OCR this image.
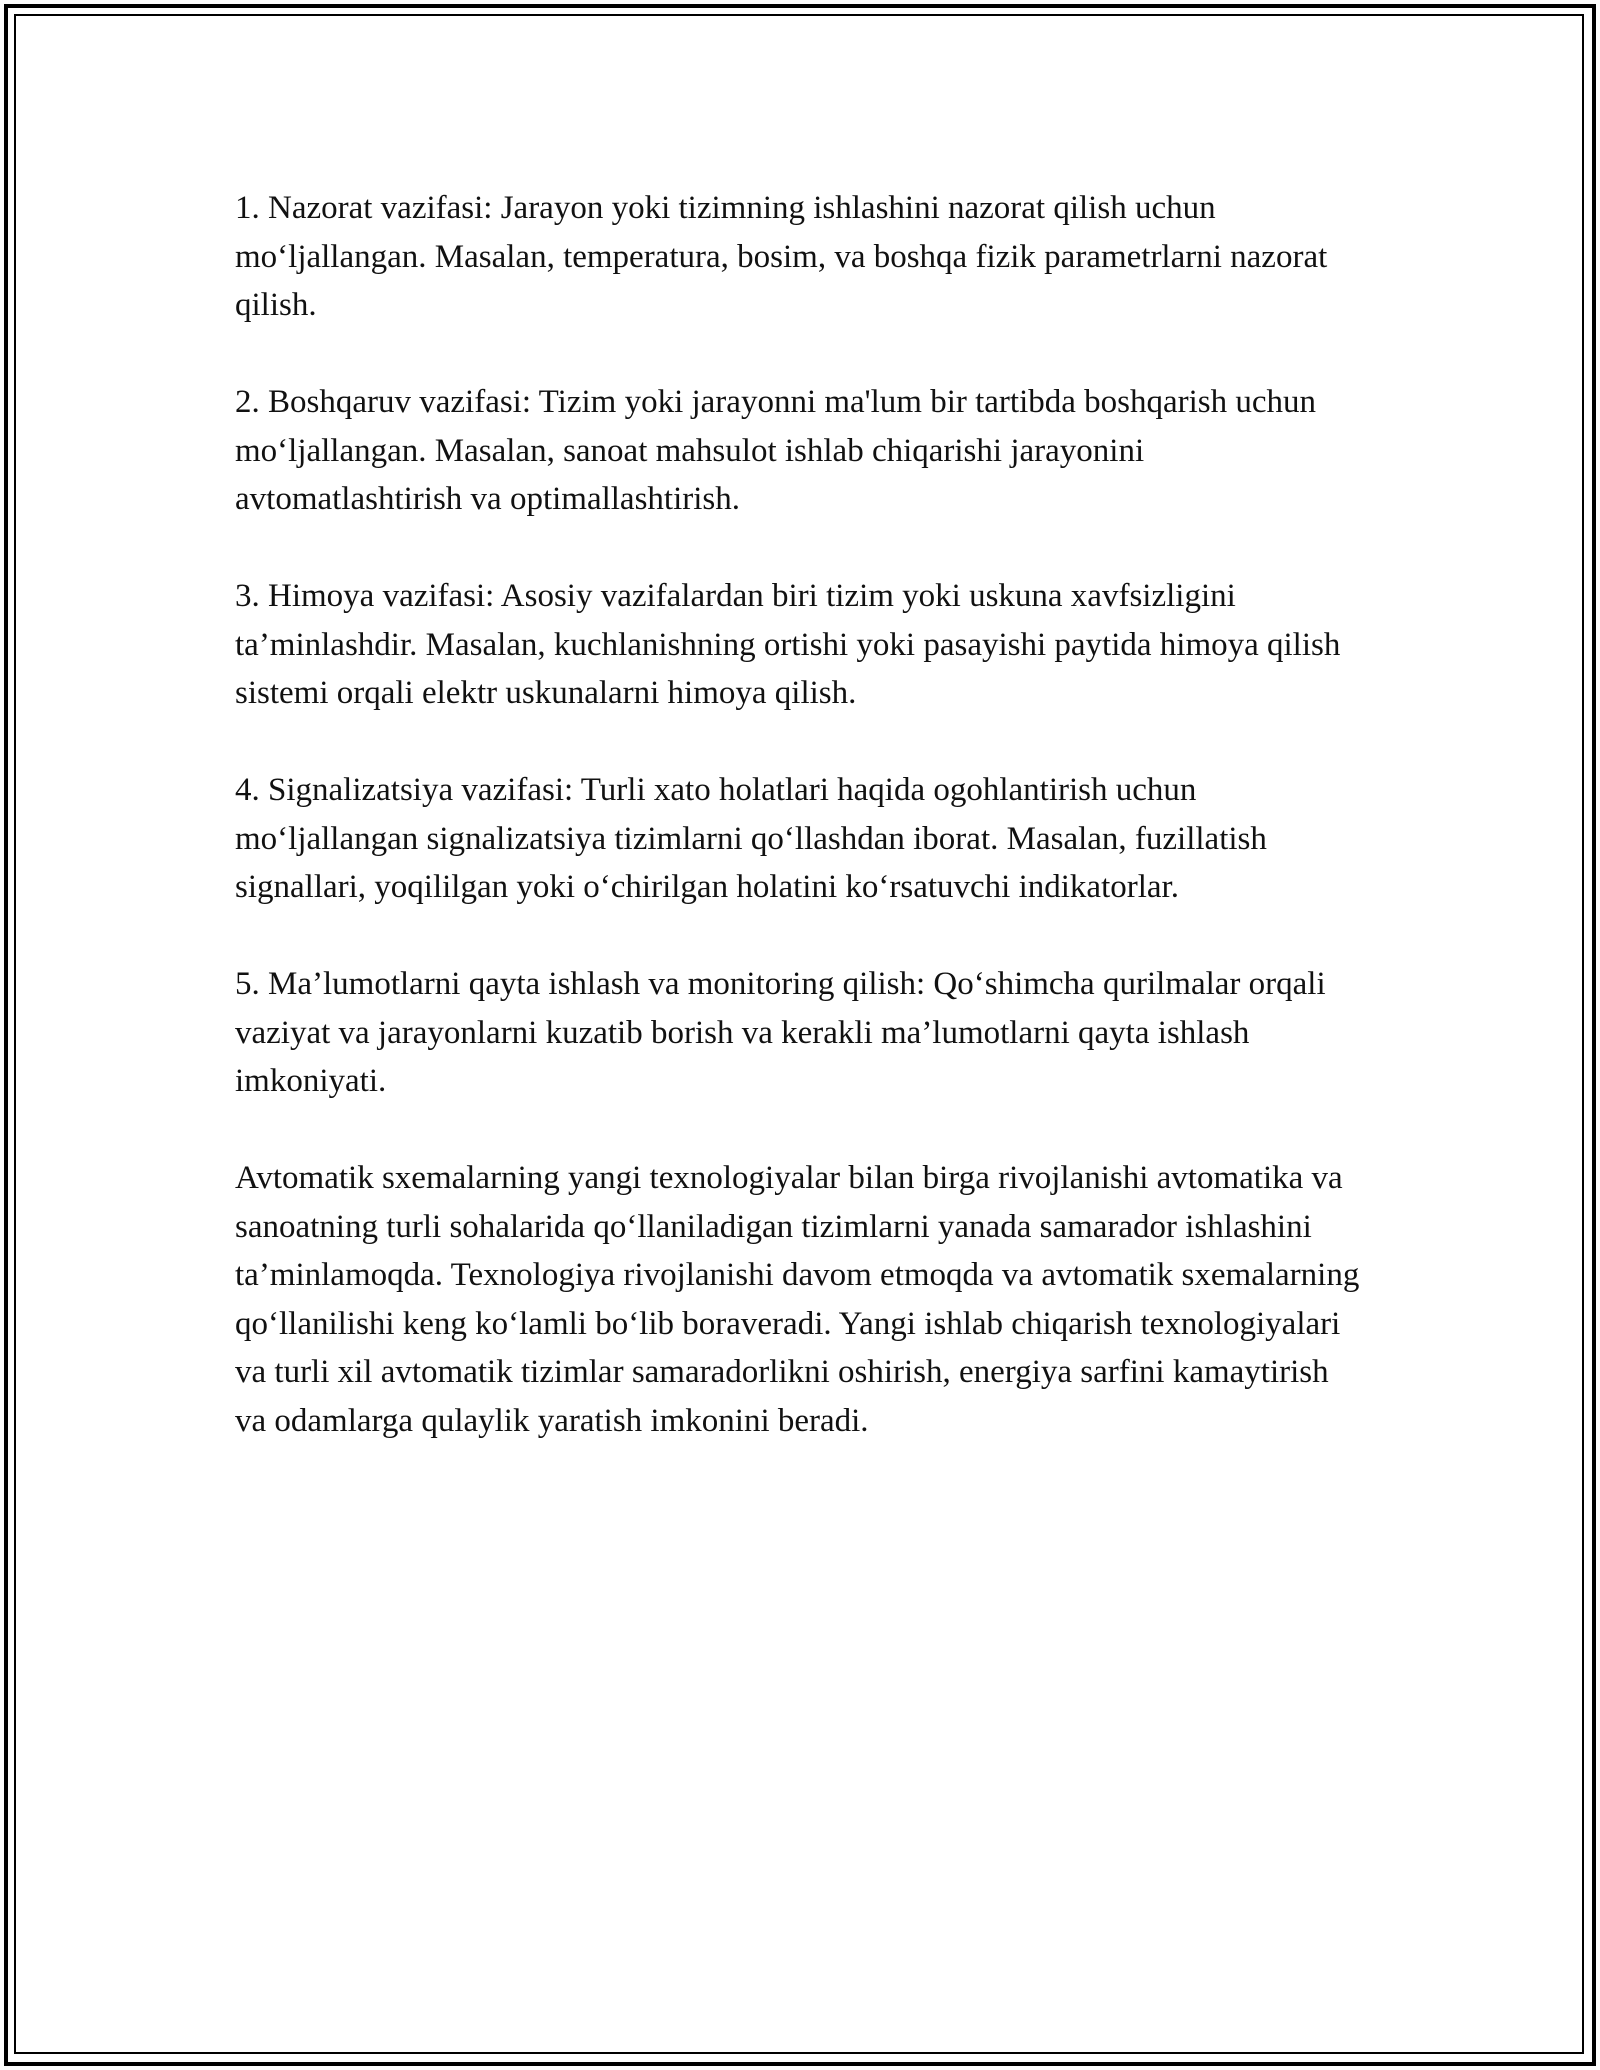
1. Nazorat vazifasi: Jarayon yoki tizimning ishlashini nazorat qilish uchun mo‘ljallangan. Masalan, temperatura, bosim, va boshqa fizik parametrlarni nazorat qilish.

2. Boshqaruv vazifasi: Tizim yoki jarayonni ma'lum bir tartibda boshqarish uchun mo‘ljallangan. Masalan, sanoat mahsulot ishlab chiqarishi jarayonini avtomatlashtirish va optimallashtirish.

3. Himoya vazifasi: Asosiy vazifalardan biri tizim yoki uskuna xavfsizligini ta’minlashdir. Masalan, kuchlanishning ortishi yoki pasayishi paytida himoya qilish sistemi orqali elektr uskunalarni himoya qilish.

4. Signalizatsiya vazifasi: Turli xato holatlari haqida ogohlantirish uchun mo‘ljallangan signalizatsiya tizimlarni qo‘llashdan iborat. Masalan, fuzillatish signallari, yoqililgan yoki o‘chirilgan holatini ko‘rsatuvchi indikatorlar.

5. Ma’lumotlarni qayta ishlash va monitoring qilish: Qo‘shimcha qurilmalar orqali vaziyat va jarayonlarni kuzatib borish va kerakli ma’lumotlarni qayta ishlash imkoniyati.

Avtomatik sxemalarning yangi texnologiyalar bilan birga rivojlanishi avtomatika va sanoatning turli sohalarida qo‘llaniladigan tizimlarni yanada samarador ishlashini ta’minlamoqda. Texnologiya rivojlanishi davom etmoqda va avtomatik sxemalarning qo‘llanilishi keng ko‘lamli bo‘lib boraveradi. Yangi ishlab chiqarish texnologiyalari va turli xil avtomatik tizimlar samaradorlikni oshirish, energiya sarfini kamaytirish va odamlarga qulaylik yaratish imkonini beradi.
